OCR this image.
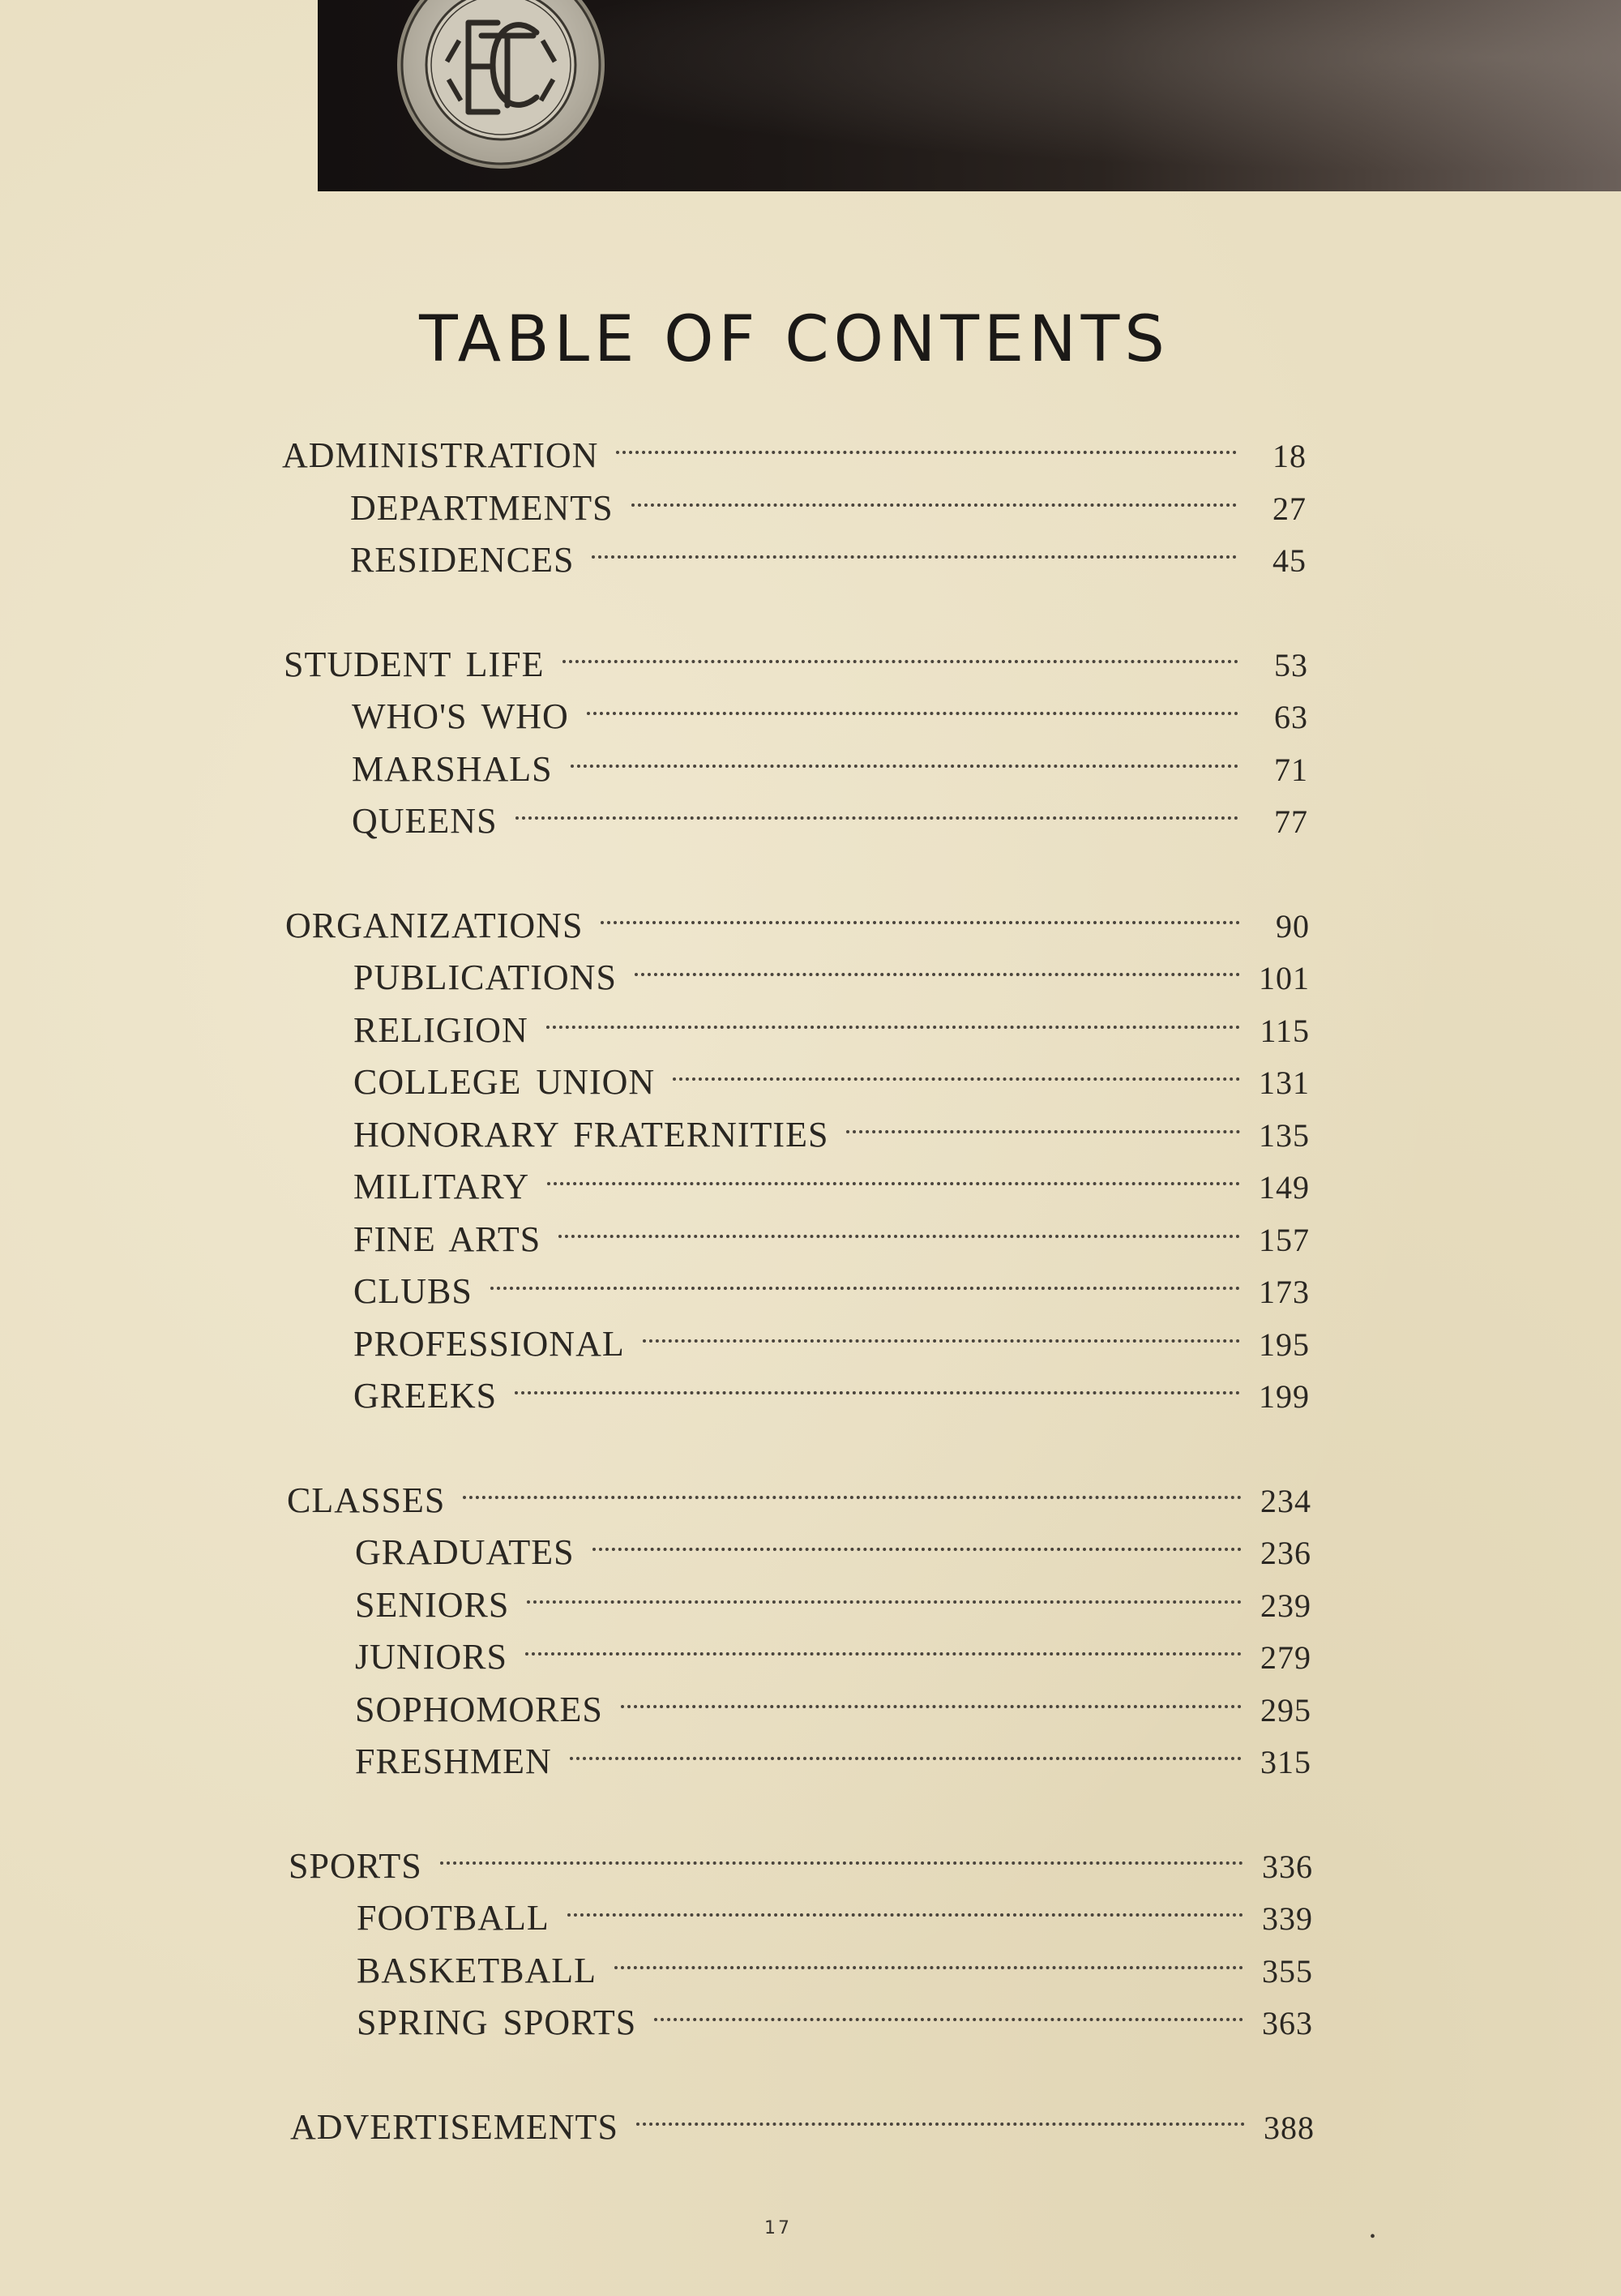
TABLE OF CONTENTS
ADMINISTRATION	18
DEPARTMENTS	27
RESIDENCES	45
STUDENT LIFE	53
WHO'S WHO	63
MARSHALS	71
QUEENS	77
ORGANIZATIONS	90
PUBLICATIONS	101
RELIGION	115
COLLEGE UNION	131
HONORARY FRATERNITIES	135
MILITARY	149
FINE ARTS	157
CLUBS	173
PROFESSIONAL	195
GREEKS	199
CLASSES	234
GRADUATES	236
SENIORS	239
JUNIORS	279
SOPHOMORES	295
FRESHMEN	315
SPORTS	336
FOOTBALL	339
BASKETBALL	355
SPRING SPORTS	363
ADVERTISEMENTS	388
17	•
